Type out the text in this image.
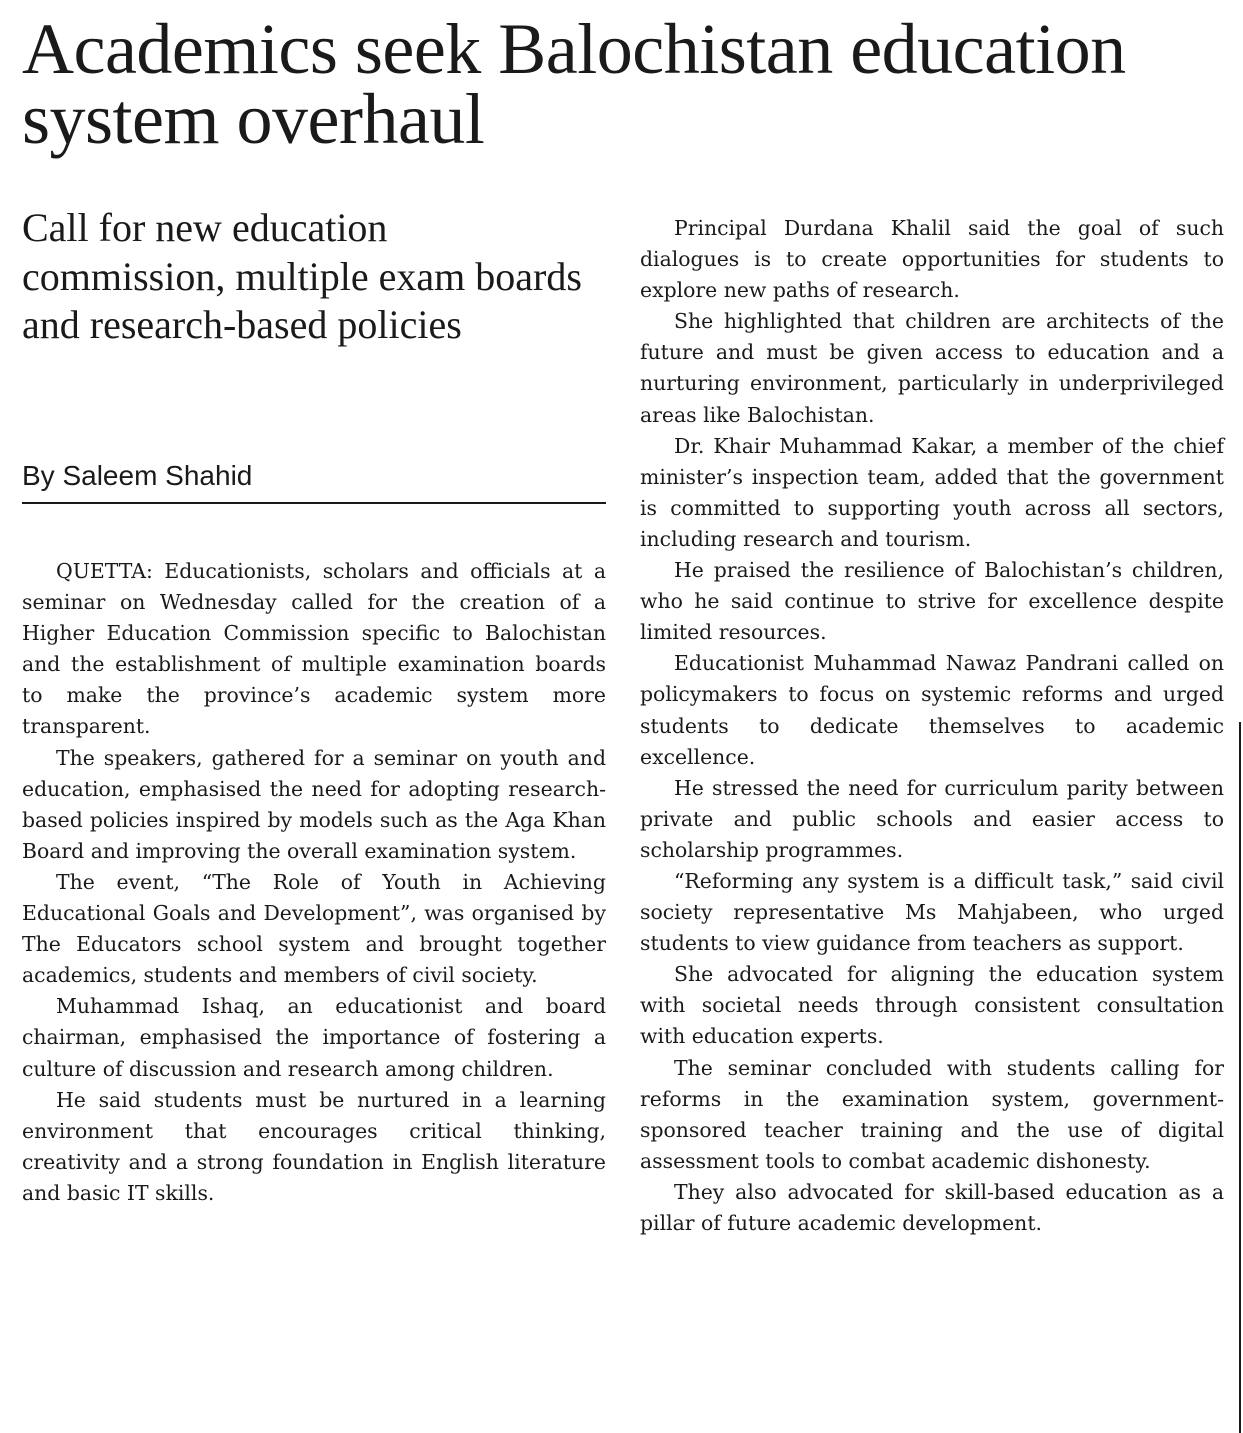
Academics seek Balochistan education system overhaul
Call for new education commission, multiple exam boards and research-based policies
By Saleem Shahid

QUETTA: Educationists, scholars and officials at a seminar on Wednesday called for the creation of a Higher Education Commission specific to Balochistan and the establishment of multiple examination boards to make the province’s academic system more transparent.

The speakers, gathered for a seminar on youth and education, emphasised the need for adopting research-based policies inspired by models such as the Aga Khan Board and improving the overall examination system.

The event, “The Role of Youth in Achieving Educational Goals and Development”, was organised by The Educators school system and brought together academics, students and members of civil society.

Muhammad Ishaq, an educationist and board chairman, emphasised the importance of fostering a culture of discussion and research among children.

He said students must be nurtured in a learning environment that encourages critical thinking, creativity and a strong foundation in English literature and basic IT skills.

Principal Durdana Khalil said the goal of such dialogues is to create opportunities for students to explore new paths of research.

She highlighted that children are architects of the future and must be given access to education and a nurturing environment, particularly in underprivileged areas like Balochistan.

Dr. Khair Muhammad Kakar, a member of the chief minister’s inspection team, added that the government is committed to supporting youth across all sectors, including research and tourism.

He praised the resilience of Balochistan’s children, who he said continue to strive for excellence despite limited resources.

Educationist Muhammad Nawaz Pandrani called on policymakers to focus on systemic reforms and urged students to dedicate themselves to academic excellence.

He stressed the need for curriculum parity between private and public schools and easier access to scholarship programmes.

“Reforming any system is a difficult task,” said civil society representative Ms Mahjabeen, who urged students to view guidance from teachers as support.

She advocated for aligning the education system with societal needs through consistent consultation with education experts.

The seminar concluded with students calling for reforms in the examination system, government-sponsored teacher training and the use of digital assessment tools to combat academic dishonesty.

They also advocated for skill-based education as a pillar of future academic development.
